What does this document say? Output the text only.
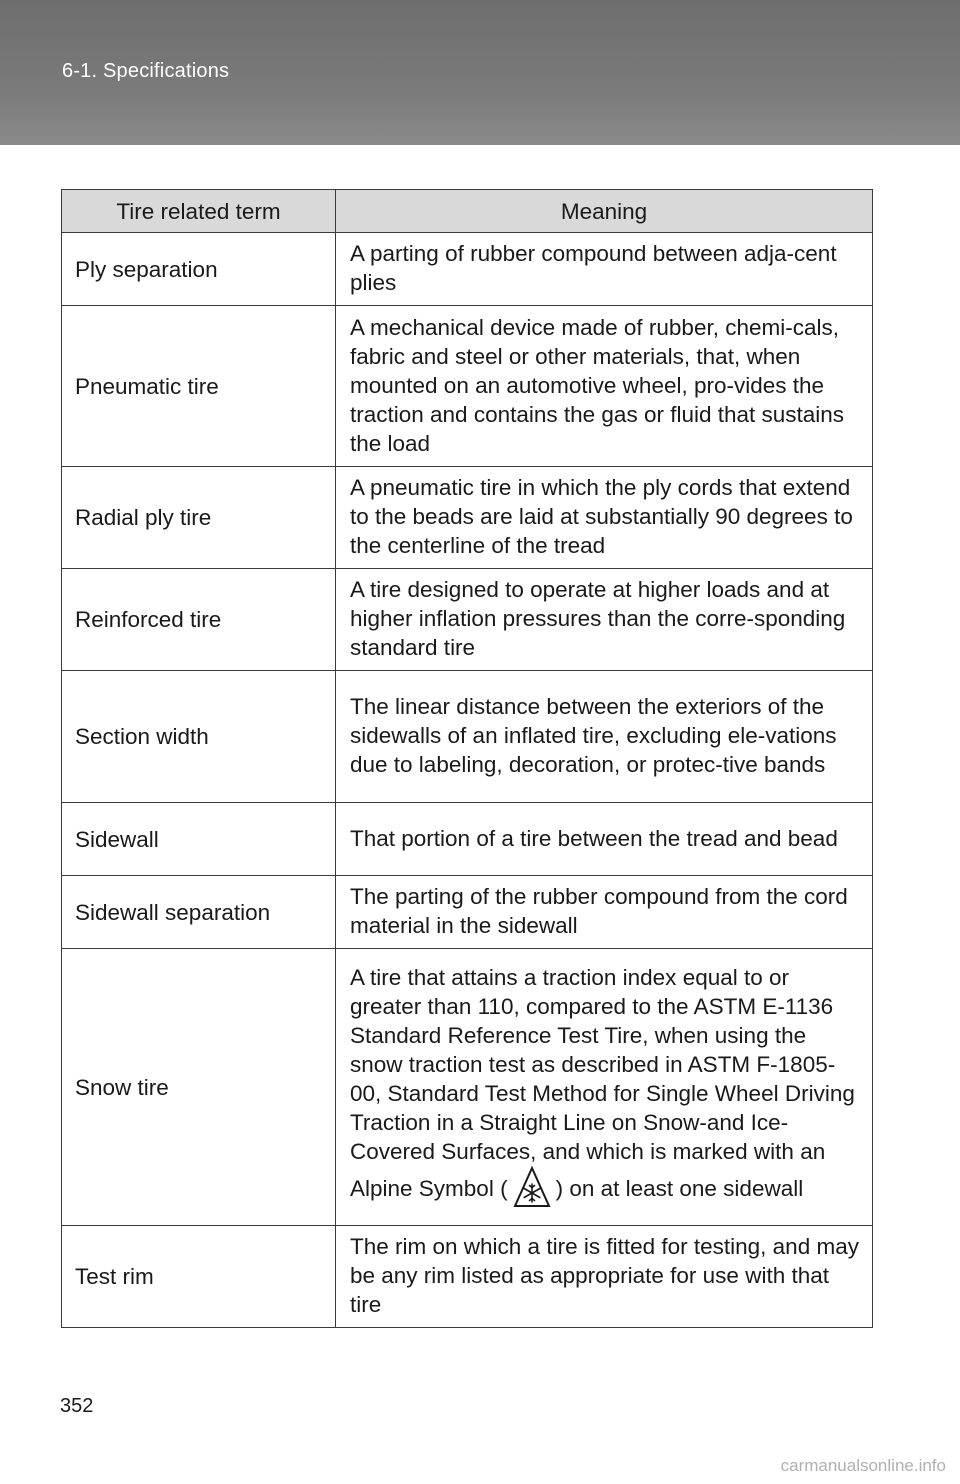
6-1. Specifications
Tire related term	Meaning
Ply separation	A parting of rubber compound between adja-cent plies
Pneumatic tire	A mechanical device made of rubber, chemi-cals, fabric and steel or other materials, that, when mounted on an automotive wheel, pro-vides the traction and contains the gas or fluid that sustains the load
Radial ply tire	A pneumatic tire in which the ply cords that extend to the beads are laid at substantially 90 degrees to the centerline of the tread
Reinforced tire	A tire designed to operate at higher loads and at higher inflation pressures than the corre-sponding standard tire
Section width	The linear distance between the exteriors of the sidewalls of an inflated tire, excluding ele-vations due to labeling, decoration, or protec-tive bands
Sidewall	That portion of a tire between the tread and bead
Sidewall separation	The parting of the rubber compound from the cord material in the sidewall
Snow tire	A tire that attains a traction index equal to or greater than 110, compared to the ASTM E-1136 Standard Reference Test Tire, when using the snow traction test as described in ASTM F-1805-00, Standard Test Method for Single Wheel Driving Traction in a Straight Line on Snow-and Ice-Covered Surfaces, and which is marked with an Alpine Symbol ( ) on at least one sidewall
Test rim	The rim on which a tire is fitted for testing, and may be any rim listed as appropriate for use with that tire
352
carmanualsonline.info
